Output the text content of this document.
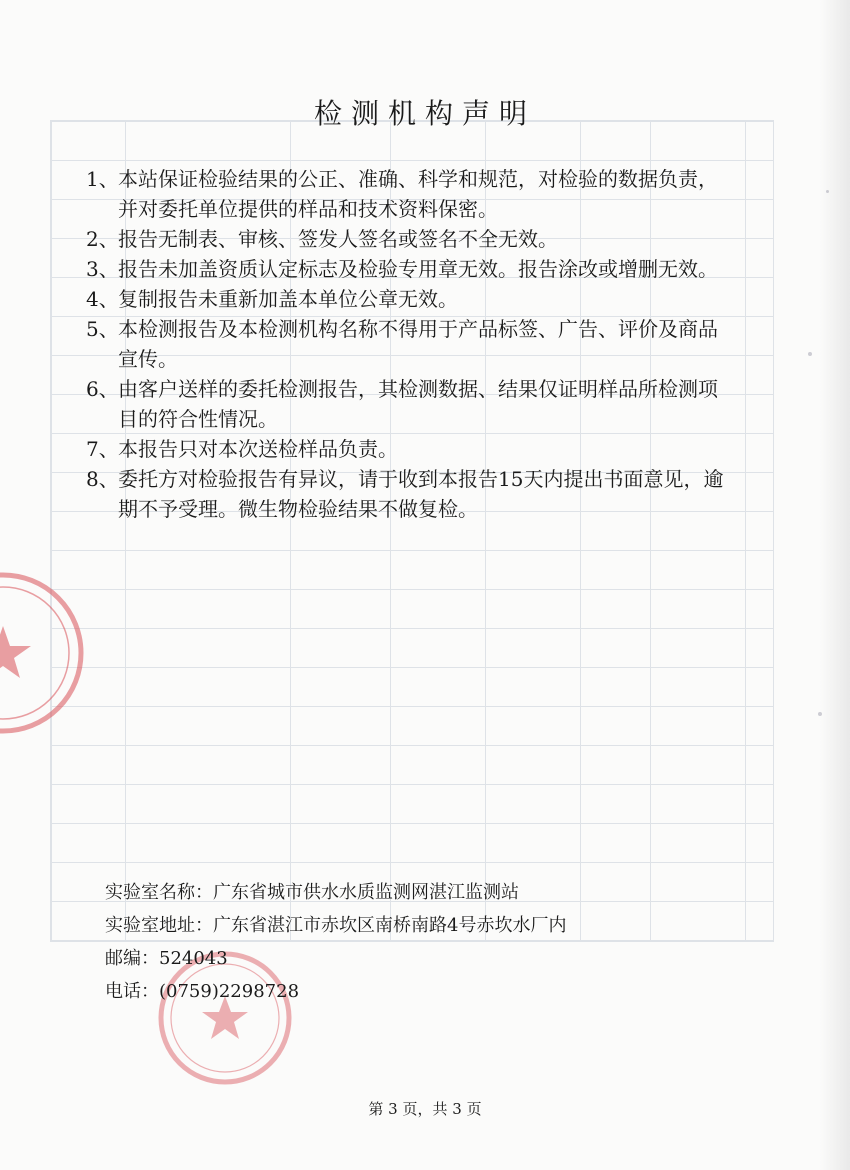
检测机构声明
1、 本站保证检验结果的公正、准确、科学和规范，对检验的数据负责，并对委托单位提供的样品和技术资料保密。
2、 报告无制表、审核、签发人签名或签名不全无效。
3、 报告未加盖资质认定标志及检验专用章无效。报告涂改或增删无效。
4、 复制报告未重新加盖本单位公章无效。
5、 本检测报告及本检测机构名称不得用于产品标签、广告、评价及商品宣传。
6、 由客户送样的委托检测报告，其检测数据、结果仅证明样品所检测项目的符合性情况。
7、 本报告只对本次送检样品负责。
8、 委托方对检验报告有异议，请于收到本报告15天内提出书面意见，逾期不予受理。微生物检验结果不做复检。
实验室名称： 广东省城市供水水质监测网湛江监测站
实验室地址： 广东省湛江市赤坎区南桥南路4号赤坎水厂内
邮编： 524043
电话： (0759)2298728
第 3 页，共 3 页
